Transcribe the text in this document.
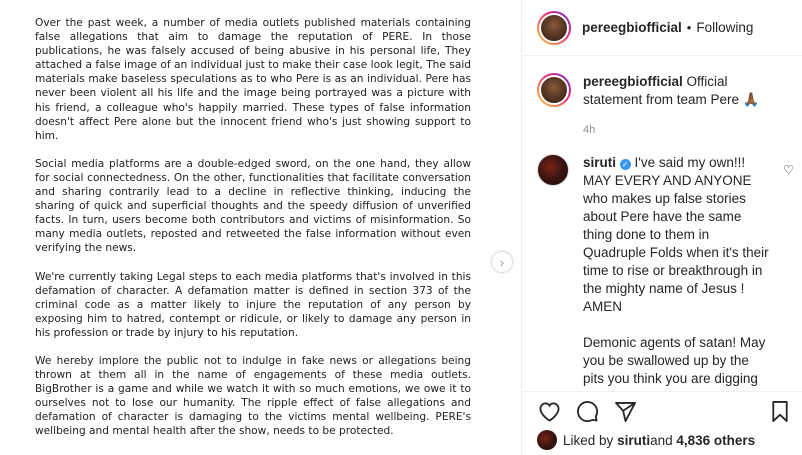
Over the past week, a number of media outlets published materials containing false allegations that aim to damage the reputation of PERE. In those publications, he was falsely accused of being abusive in his personal life, They attached a false image of an individual just to make their case look legit, The said materials make baseless speculations as to who Pere is as an individual. Pere has never been violent all his life and the image being portrayed was a picture with his friend, a colleague who's happily married. These types of false information doesn't affect Pere alone but the innocent friend who's just showing support to him.

Social media platforms are a double-edged sword, on the one hand, they allow for social connectedness. On the other, functionalities that facilitate conversation and sharing contrarily lead to a decline in reflective thinking, inducing the sharing of quick and superficial thoughts and the speedy diffusion of unverified facts. In turn, users become both contributors and victims of misinformation. So many media outlets, reposted and retweeted the false information without even verifying the news.

We're currently taking Legal steps to each media platforms that's involved in this defamation of character. A defamation matter is defined in section 373 of the criminal code as a matter likely to injure the reputation of any person by exposing him to hatred, contempt or ridicule, or likely to damage any person in his profession or trade by injury to his reputation.

We hereby implore the public not to indulge in fake news or allegations being thrown at them all in the name of engagements of these media outlets. BigBrother is a game and while we watch it with so much emotions, we owe it to ourselves not to lose our humanity. The ripple effect of false allegations and defamation of character is damaging to the victims mental wellbeing. PERE's wellbeing and mental health after the show, needs to be protected.

›
pereegbiofficial • Following
pereegbiofficial Official statement from team Pere 🙏🏾
4h

siruti ✓ I've said my own!!! MAY EVERY AND ANYONE who makes up false stories about Pere have the same thing done to them in Quadruple Folds when it's their time to rise or breakthrough in the mighty name of Jesus ! AMEN

Demonic agents of satan! May you be swallowed up by the pits you think you are digging

♡
Liked by
siruti and
4,836 others
